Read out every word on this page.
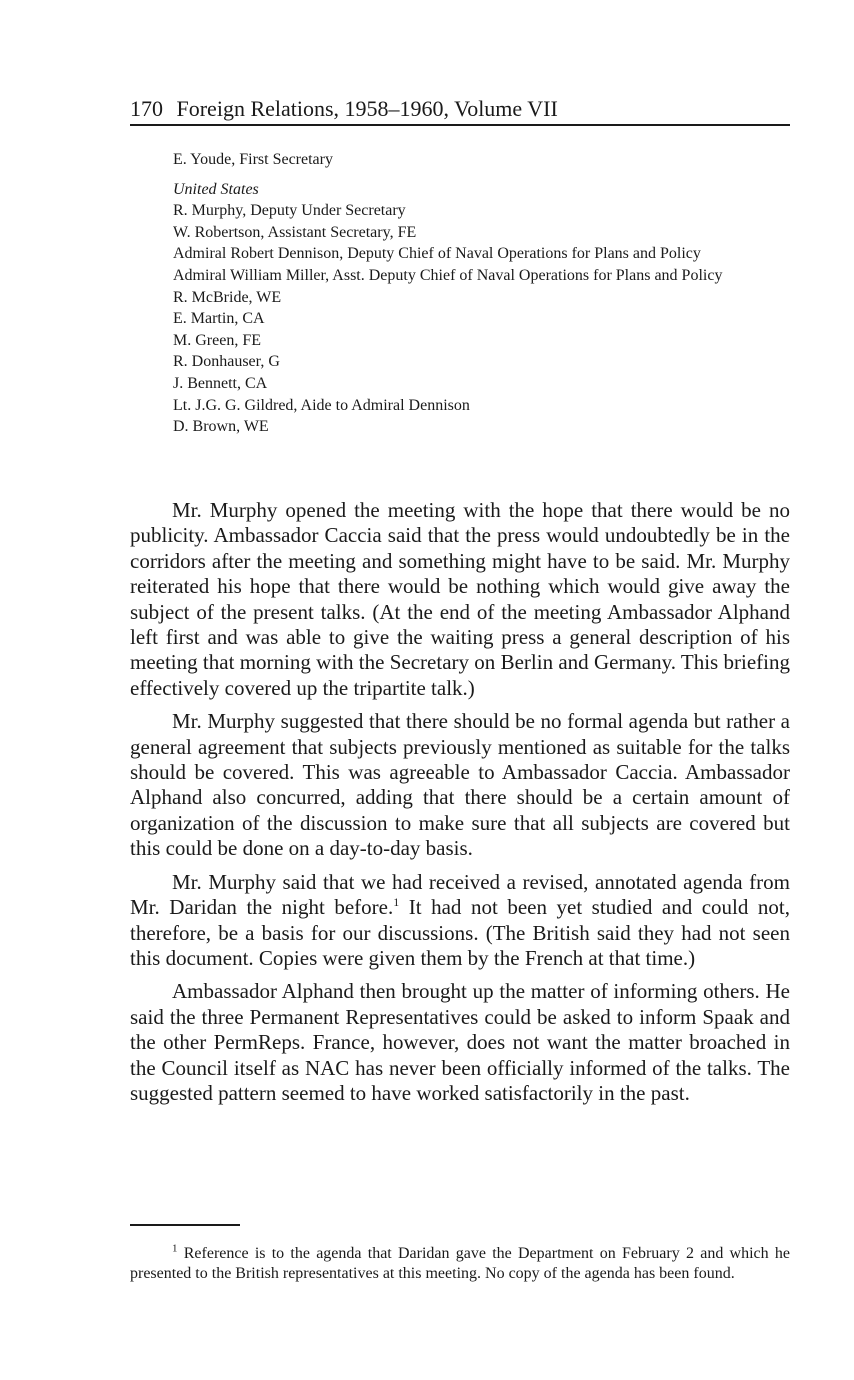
170 Foreign Relations, 1958–1960, Volume VII
E. Youde, First Secretary
United States
R. Murphy, Deputy Under Secretary
W. Robertson, Assistant Secretary, FE
Admiral Robert Dennison, Deputy Chief of Naval Operations for Plans and Policy
Admiral William Miller, Asst. Deputy Chief of Naval Operations for Plans and Policy
R. McBride, WE
E. Martin, CA
M. Green, FE
R. Donhauser, G
J. Bennett, CA
Lt. J.G. G. Gildred, Aide to Admiral Dennison
D. Brown, WE

Mr. Murphy opened the meeting with the hope that there would be no publicity. Ambassador Caccia said that the press would undoubtedly be in the corridors after the meeting and something might have to be said. Mr. Murphy reiterated his hope that there would be nothing which would give away the subject of the present talks. (At the end of the meeting Ambassador Alphand left first and was able to give the waiting press a general description of his meeting that morning with the Secretary on Berlin and Germany. This briefing effectively covered up the tripartite talk.)

Mr. Murphy suggested that there should be no formal agenda but rather a general agreement that subjects previously mentioned as suitable for the talks should be covered. This was agreeable to Ambassador Caccia. Ambassador Alphand also concurred, adding that there should be a certain amount of organization of the discussion to make sure that all subjects are covered but this could be done on a day-to-day basis.

Mr. Murphy said that we had received a revised, annotated agenda from Mr. Daridan the night before.$^1$ It had not been yet studied and could not, therefore, be a basis for our discussions. (The British said they had not seen this document. Copies were given them by the French at that time.)

Ambassador Alphand then brought up the matter of informing others. He said the three Permanent Representatives could be asked to inform Spaak and the other PermReps. France, however, does not want the matter broached in the Council itself as NAC has never been officially informed of the talks. The suggested pattern seemed to have worked satisfactorily in the past.

$^1$ Reference is to the agenda that Daridan gave the Department on February 2 and which he presented to the British representatives at this meeting. No copy of the agenda has been found.
